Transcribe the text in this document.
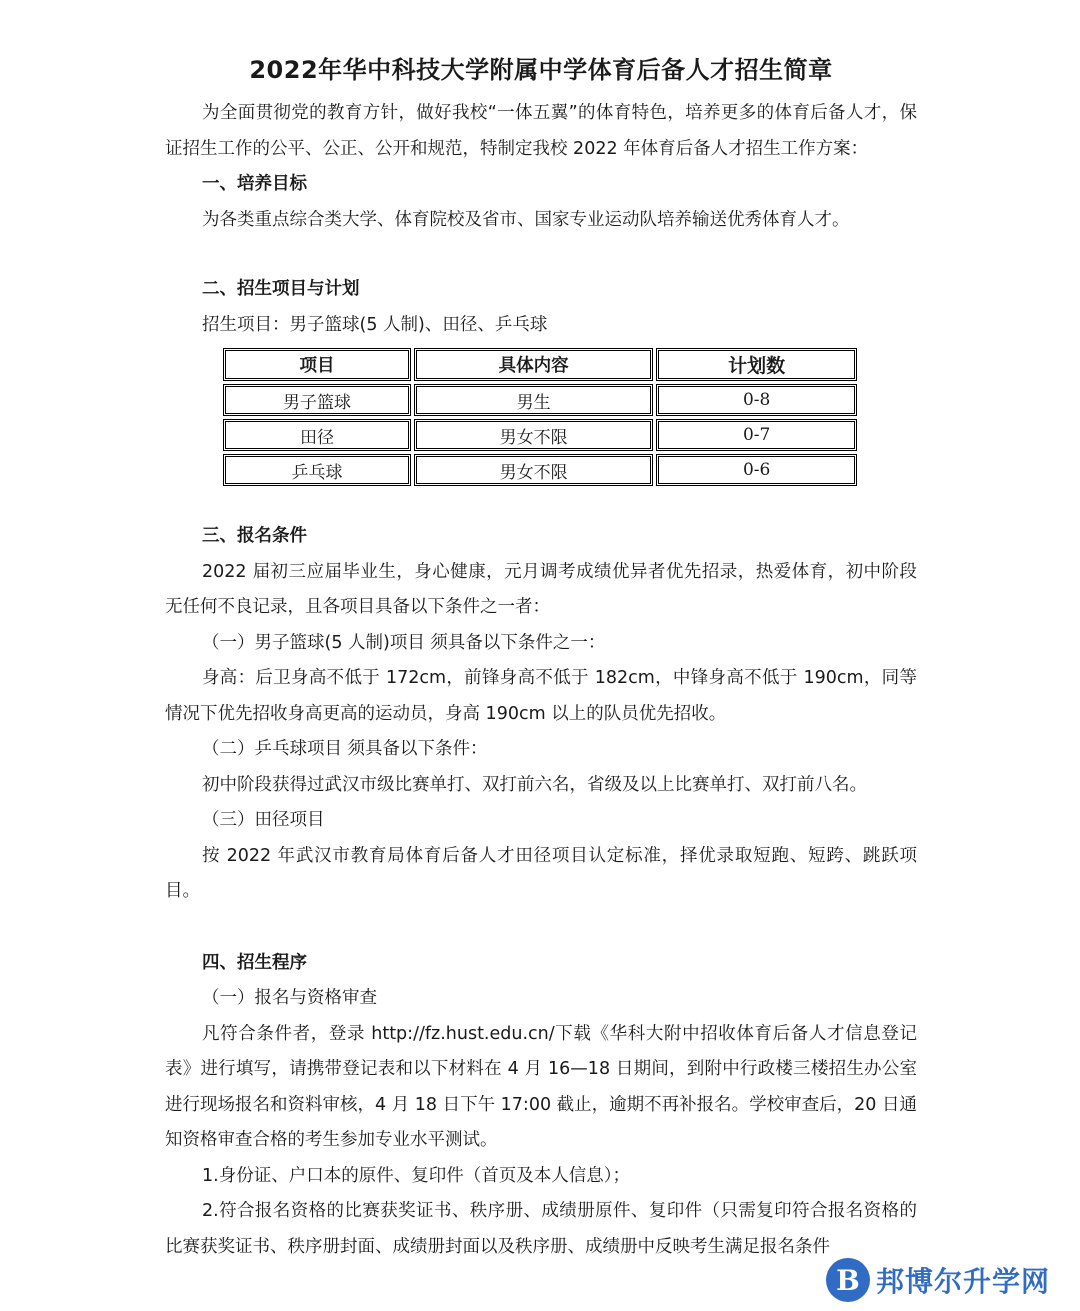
2022年华中科技大学附属中学体育后备人才招生简章

为全面贯彻党的教育方针，做好我校“一体五翼”的体育特色，培养更多的体育后备人才，保证招生工作的公平、公正、公开和规范，特制定我校 2022 年体育后备人才招生工作方案：

一、培养目标

为各类重点综合类大学、体育院校及省市、国家专业运动队培养输送优秀体育人才。

二、招生项目与计划

招生项目：男子篮球(5 人制)、田径、乒乓球

项目	具体内容	计划数
男子篮球	男生	0-8
田径	男女不限	0-7
乒乓球	男女不限	0-6

三、报名条件

2022 届初三应届毕业生，身心健康，元月调考成绩优异者优先招录，热爱体育，初中阶段无任何不良记录，且各项目具备以下条件之一者：

（一）男子篮球(5 人制)项目 须具备以下条件之一：

身高：后卫身高不低于 172cm，前锋身高不低于 182cm，中锋身高不低于 190cm，同等情况下优先招收身高更高的运动员，身高 190cm 以上的队员优先招收。

（二）乒乓球项目 须具备以下条件：

初中阶段获得过武汉市级比赛单打、双打前六名，省级及以上比赛单打、双打前八名。

（三）田径项目

按 2022 年武汉市教育局体育后备人才田径项目认定标准，择优录取短跑、短跨、跳跃项目。

四、招生程序

（一）报名与资格审查

凡符合条件者，登录 http://fz.hust.edu.cn/下载《华科大附中招收体育后备人才信息登记表》进行填写，请携带登记表和以下材料在 4 月 16—18 日期间，到附中行政楼三楼招生办公室进行现场报名和资料审核，4 月 18 日下午 17:00 截止，逾期不再补报名。学校审查后，20 日通知资格审查合格的考生参加专业水平测试。

1.身份证、户口本的原件、复印件（首页及本人信息）；

2.符合报名资格的比赛获奖证书、秩序册、成绩册原件、复印件（只需复印符合报名资格的比赛获奖证书、秩序册封面、成绩册封面以及秩序册、成绩册中反映考生满足报名条件

B 邦博尔升学网
